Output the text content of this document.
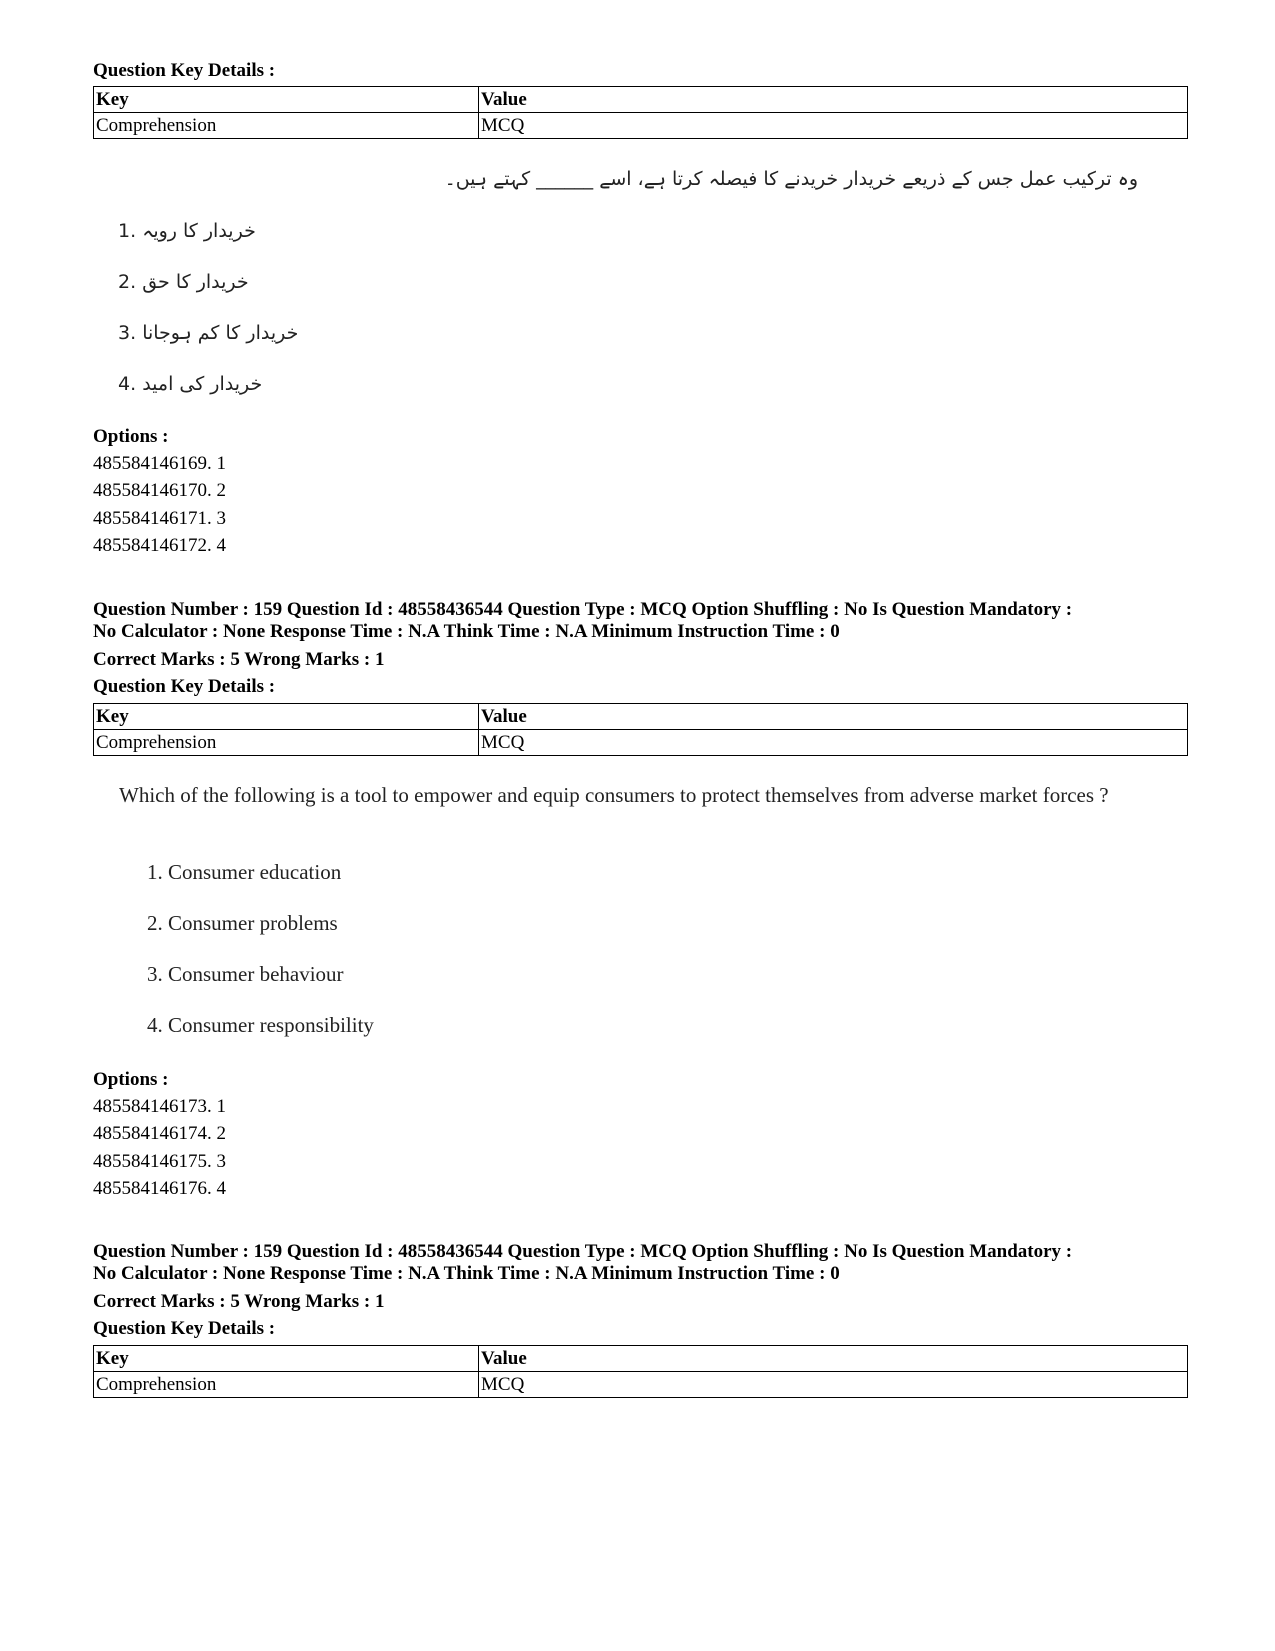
Question Key Details :
Key	Value
Comprehension	MCQ
وہ ترکیب عمل جس کے ذریعے خریدار خریدنے کا فیصلہ کرتا ہے، اسے ______ کہتے ہیں۔
1. خریدار کا رویہ
2. خریدار کا حق
3. خریدار کا کم ہوجانا
4. خریدار کی امید
Options :
485584146169. 1
485584146170. 2
485584146171. 3
485584146172. 4
Question Number : 159 Question Id : 48558436544 Question Type : MCQ Option Shuffling : No Is Question Mandatory :
No Calculator : None Response Time : N.A Think Time : N.A Minimum Instruction Time : 0
Correct Marks : 5 Wrong Marks : 1
Question Key Details :
Key	Value
Comprehension	MCQ
Which of the following is a tool to empower and equip consumers to protect themselves from adverse market forces ?
1. Consumer education
2. Consumer problems
3. Consumer behaviour
4. Consumer responsibility
Options :
485584146173. 1
485584146174. 2
485584146175. 3
485584146176. 4
Question Number : 159 Question Id : 48558436544 Question Type : MCQ Option Shuffling : No Is Question Mandatory :
No Calculator : None Response Time : N.A Think Time : N.A Minimum Instruction Time : 0
Correct Marks : 5 Wrong Marks : 1
Question Key Details :
Key	Value
Comprehension	MCQ
